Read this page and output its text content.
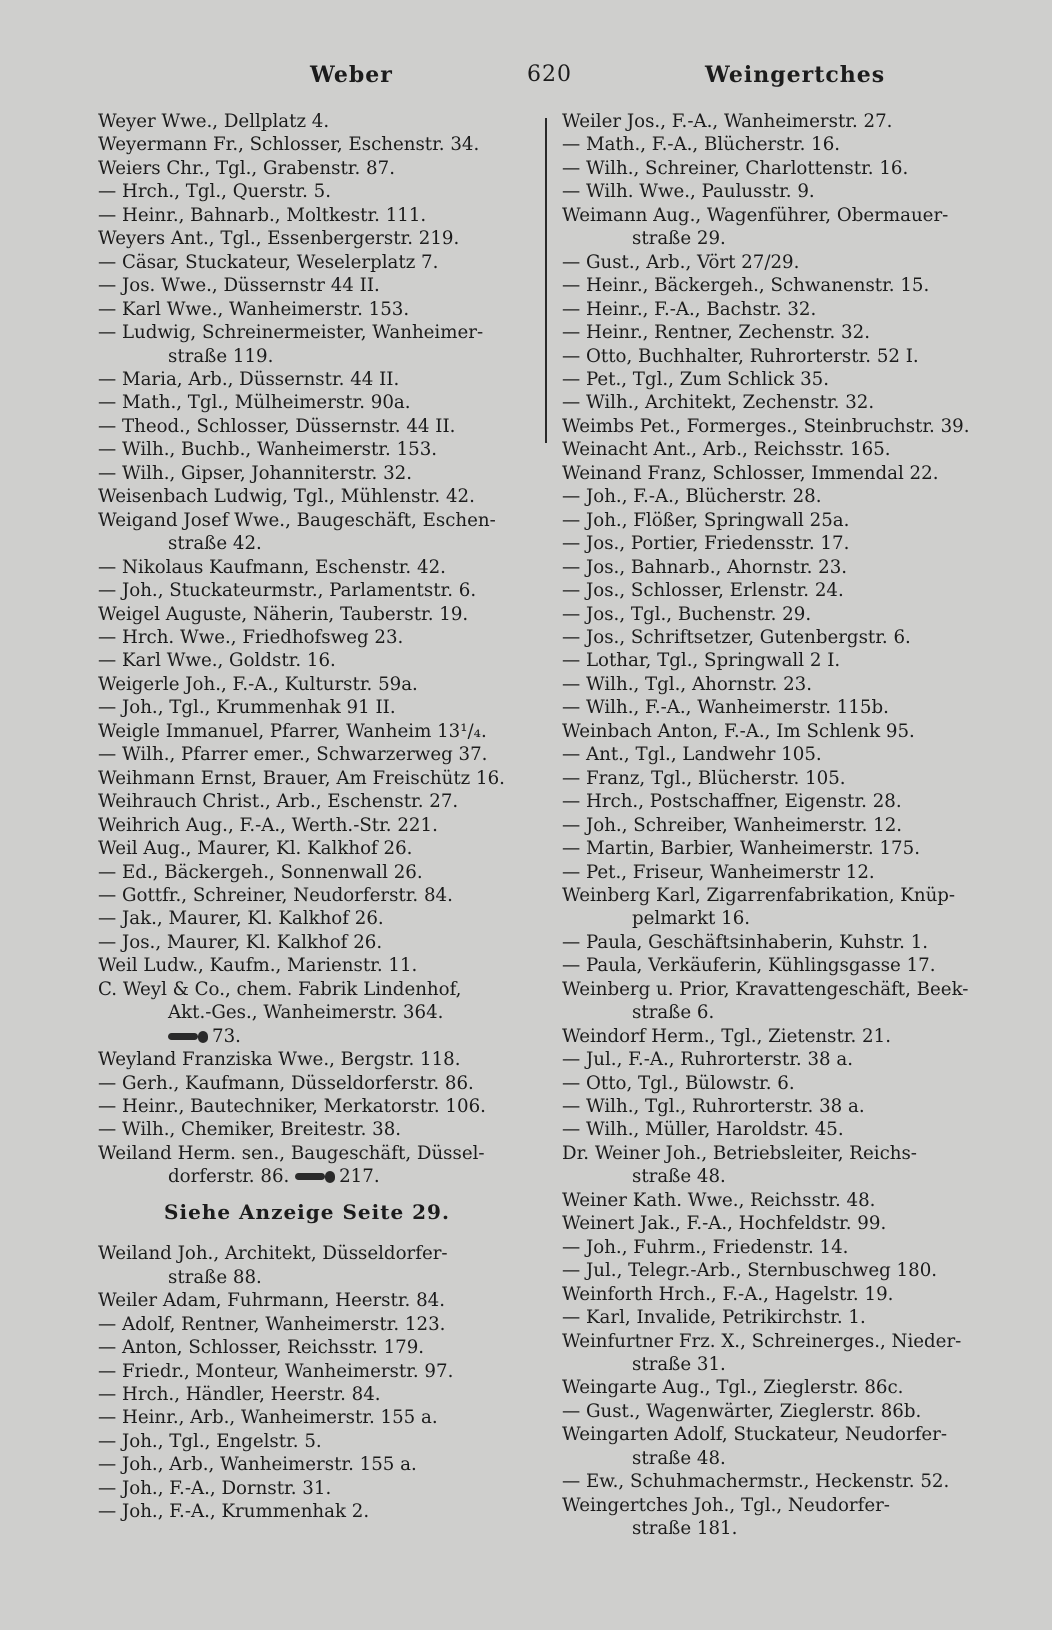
Weber	620	Weingertches
Weyer Wwe., Dellplatz 4.
Weyermann Fr., Schlosser, Eschenstr. 34.
Weiers Chr., Tgl., Grabenstr. 87.
— Hrch., Tgl., Querstr. 5.
— Heinr., Bahnarb., Moltkestr. 111.
Weyers Ant., Tgl., Essenbergerstr. 219.
— Cäsar, Stuckateur, Weselerplatz 7.
— Jos. Wwe., Düssernstr 44 II.
— Karl Wwe., Wanheimerstr. 153.
— Ludwig, Schreinermeister, Wanheimer-
straße 119.
— Maria, Arb., Düssernstr. 44 II.
— Math., Tgl., Mülheimerstr. 90a.
— Theod., Schlosser, Düssernstr. 44 II.
— Wilh., Buchb., Wanheimerstr. 153.
— Wilh., Gipser, Johanniterstr. 32.
Weisenbach Ludwig, Tgl., Mühlenstr. 42.
Weigand Josef Wwe., Baugeschäft, Eschen-
straße 42.
— Nikolaus Kaufmann, Eschenstr. 42.
— Joh., Stuckateurmstr., Parlamentstr. 6.
Weigel Auguste, Näherin, Tauberstr. 19.
— Hrch. Wwe., Friedhofsweg 23.
— Karl Wwe., Goldstr. 16.
Weigerle Joh., F.-A., Kulturstr. 59a.
— Joh., Tgl., Krummenhak 91 II.
Weigle Immanuel, Pfarrer, Wanheim 13¹/₄.
— Wilh., Pfarrer emer., Schwarzerweg 37.
Weihmann Ernst, Brauer, Am Freischütz 16.
Weihrauch Christ., Arb., Eschenstr. 27.
Weihrich Aug., F.-A., Werth.-Str. 221.
Weil Aug., Maurer, Kl. Kalkhof 26.
— Ed., Bäckergeh., Sonnenwall 26.
— Gottfr., Schreiner, Neudorferstr. 84.
— Jak., Maurer, Kl. Kalkhof 26.
— Jos., Maurer, Kl. Kalkhof 26.
Weil Ludw., Kaufm., Marienstr. 11.
C. Weyl & Co., chem. Fabrik Lindenhof,
Akt.-Ges., Wanheimerstr. 364.
73.
Weyland Franziska Wwe., Bergstr. 118.
— Gerh., Kaufmann, Düsseldorferstr. 86.
— Heinr., Bautechniker, Merkatorstr. 106.
— Wilh., Chemiker, Breitestr. 38.
Weiland Herm. sen., Baugeschäft, Düssel-
dorferstr. 86.	217.
Siehe Anzeige Seite 29.
Weiland Joh., Architekt, Düsseldorfer-
straße 88.
Weiler Adam, Fuhrmann, Heerstr. 84.
— Adolf, Rentner, Wanheimerstr. 123.
— Anton, Schlosser, Reichsstr. 179.
— Friedr., Monteur, Wanheimerstr. 97.
— Hrch., Händler, Heerstr. 84.
— Heinr., Arb., Wanheimerstr. 155 a.
— Joh., Tgl., Engelstr. 5.
— Joh., Arb., Wanheimerstr. 155 a.
— Joh., F.-A., Dornstr. 31.
— Joh., F.-A., Krummenhak 2.
Weiler Jos., F.-A., Wanheimerstr. 27.
— Math., F.-A., Blücherstr. 16.
— Wilh., Schreiner, Charlottenstr. 16.
— Wilh. Wwe., Paulusstr. 9.
Weimann Aug., Wagenführer, Obermauer-
straße 29.
— Gust., Arb., Vört 27/29.
— Heinr., Bäckergeh., Schwanenstr. 15.
— Heinr., F.-A., Bachstr. 32.
— Heinr., Rentner, Zechenstr. 32.
— Otto, Buchhalter, Ruhrorterstr. 52 I.
— Pet., Tgl., Zum Schlick 35.
— Wilh., Architekt, Zechenstr. 32.
Weimbs Pet., Formerges., Steinbruchstr. 39.
Weinacht Ant., Arb., Reichsstr. 165.
Weinand Franz, Schlosser, Immendal 22.
— Joh., F.-A., Blücherstr. 28.
— Joh., Flößer, Springwall 25a.
— Jos., Portier, Friedensstr. 17.
— Jos., Bahnarb., Ahornstr. 23.
— Jos., Schlosser, Erlenstr. 24.
— Jos., Tgl., Buchenstr. 29.
— Jos., Schriftsetzer, Gutenbergstr. 6.
— Lothar, Tgl., Springwall 2 I.
— Wilh., Tgl., Ahornstr. 23.
— Wilh., F.-A., Wanheimerstr. 115b.
Weinbach Anton, F.-A., Im Schlenk 95.
— Ant., Tgl., Landwehr 105.
— Franz, Tgl., Blücherstr. 105.
— Hrch., Postschaffner, Eigenstr. 28.
— Joh., Schreiber, Wanheimerstr. 12.
— Martin, Barbier, Wanheimerstr. 175.
— Pet., Friseur, Wanheimerstr 12.
Weinberg Karl, Zigarrenfabrikation, Knüp-
pelmarkt 16.
— Paula, Geschäftsinhaberin, Kuhstr. 1.
— Paula, Verkäuferin, Kühlingsgasse 17.
Weinberg u. Prior, Kravattengeschäft, Beek-
straße 6.
Weindorf Herm., Tgl., Zietenstr. 21.
— Jul., F.-A., Ruhrorterstr. 38 a.
— Otto, Tgl., Bülowstr. 6.
— Wilh., Tgl., Ruhrorterstr. 38 a.
— Wilh., Müller, Haroldstr. 45.
Dr. Weiner Joh., Betriebsleiter, Reichs-
straße 48.
Weiner Kath. Wwe., Reichsstr. 48.
Weinert Jak., F.-A., Hochfeldstr. 99.
— Joh., Fuhrm., Friedenstr. 14.
— Jul., Telegr.-Arb., Sternbuschweg 180.
Weinforth Hrch., F.-A., Hagelstr. 19.
— Karl, Invalide, Petrikirchstr. 1.
Weinfurtner Frz. X., Schreinerges., Nieder-
straße 31.
Weingarte Aug., Tgl., Zieglerstr. 86c.
— Gust., Wagenwärter, Zieglerstr. 86b.
Weingarten Adolf, Stuckateur, Neudorfer-
straße 48.
— Ew., Schuhmachermstr., Heckenstr. 52.
Weingertches Joh., Tgl., Neudorfer-
straße 181.
